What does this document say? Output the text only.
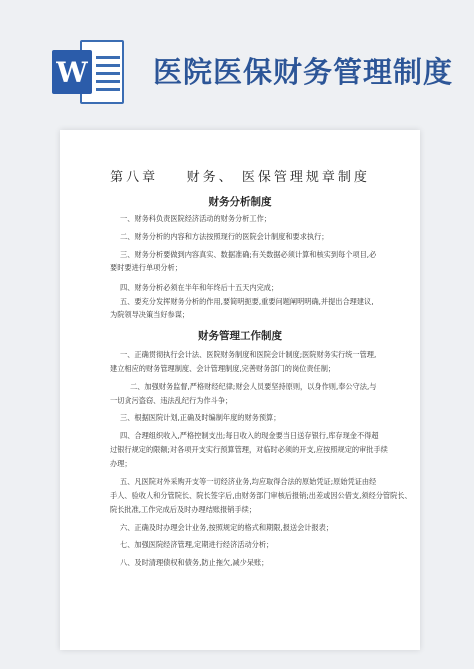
W 医院医保财务管理制度
第八章    财务、 医保管理规章制度
财务分析制度
一、财务科负责医院经济活动的财务分析工作；
二、财务分析的内容和方法按照现行的医院会计制度和要求执行；
三、财务分析要做到内容真实、数据准确;有关数据必须计算和核实到每个项目,必
要时要进行单项分析；
四、财务分析必须在半年和年终后十五天内完成；
五、要充分发挥财务分析的作用,要简明扼要,重要问题阐明明确,并提出合理建议,
为院领导决策当好参谋；
财务管理工作制度
一、正确贯彻执行会计法、医院财务制度和医院会计制度;医院财务实行统一管理,
建立相应的财务管理制度、会计管理制度,完善财务部门的岗位责任制；
二、加强财务监督,严格财经纪律;财会人员要坚持原则，以身作则,奉公守法,与
一切贪污盗窃、违法乱纪行为作斗争；
三、根据医院计划,正确及时编制年度的财务预算；
四、合理组织收入,严格控制支出;每日收入的现金要当日送存银行,库存现金不得超
过银行规定的限额;对各项开支实行预算管理，对临时必须的开支,应按照规定的审批手续
办理；
五、凡医院对外采购开支等一切经济业务,均应取得合法的原始凭证;原始凭证由经
手人、验收人和分管院长、院长签字后,由财务部门审核后报销;出差或因公借支,须经分管院长、
院长批准,工作完成后及时办理结账报销手续；
六、正确及时办理会计业务,按照规定的格式和期限,报送会计报表；
七、加强医院经济管理,定期进行经济活动分析；
八、及时清理债权和债务,防止拖欠,减少呆账；
